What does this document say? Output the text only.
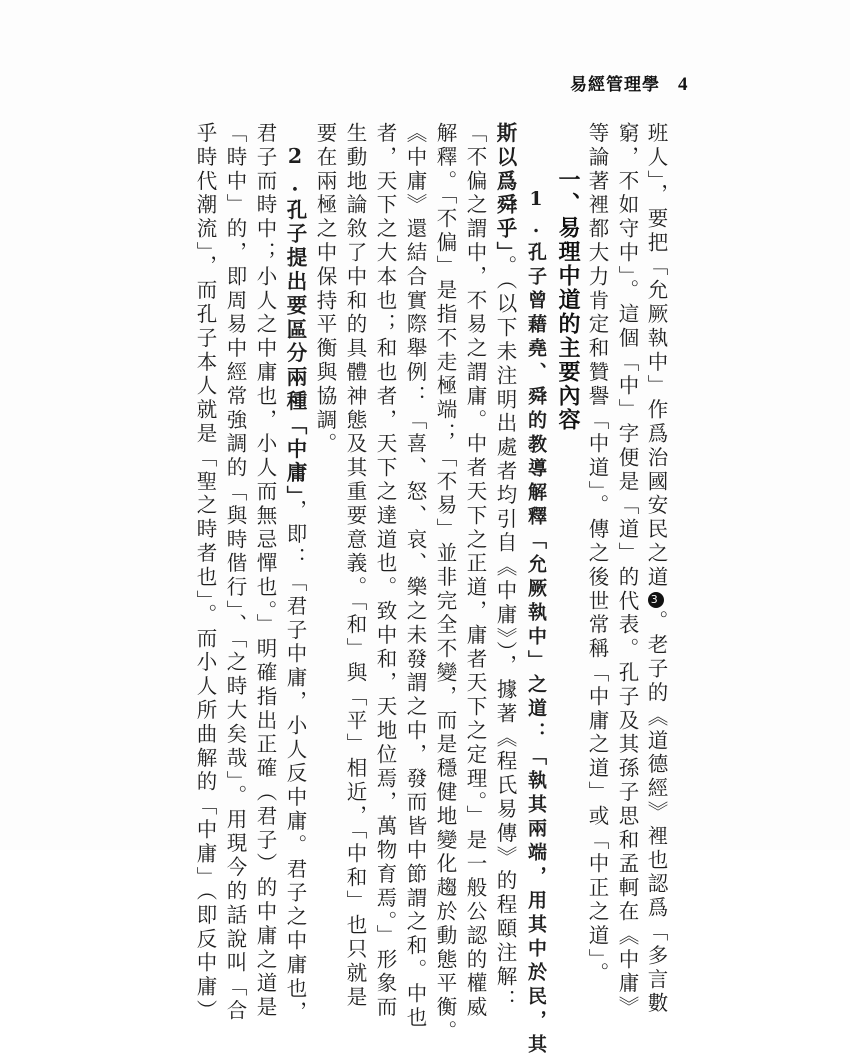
易經管理學 4
班人」，要把「允厥執中」作爲治國安民之道3。老子的《道德經》裡也認爲「多言數
窮，不如守中」。這個「中」字便是「道」的代表。孔子及其孫子思和孟軻在《中庸》
等論著裡都大力肯定和贊譽「中道」。傳之後世常稱「中庸之道」或「中正之道」。
一、易理中道的主要內容
1.孔子曾藉堯、舜的教導解釋「允厥執中」之道：「執其兩端，用其中於民，其
斯以爲舜乎」。（以下未注明出處者均引自《中庸》），據著《程氏易傳》的程頤注解：
「不偏之謂中，不易之謂庸。中者天下之正道，庸者天下之定理。」是一般公認的權威
解釋。「不偏」是指不走極端；「不易」並非完全不變，而是穩健地變化趨於動態平衡。
《中庸》還結合實際舉例：「喜、怒、哀、樂之未發謂之中，發而皆中節謂之和。中也
者，天下之大本也；和也者，天下之達道也。致中和，天地位焉，萬物育焉。」形象而
生動地論敘了中和的具體神態及其重要意義。「和」與「平」相近，「中和」也只就是
要在兩極之中保持平衡與協調。
2.孔子提出要區分兩種「中庸」，即：「君子中庸，小人反中庸。君子之中庸也，
君子而時中；小人之中庸也，小人而無忌憚也。」明確指出正確（君子）的中庸之道是
「時中」的，即周易中經常強調的「與時偕行」、「之時大矣哉」。用現今的話說叫「合
乎時代潮流」，而孔子本人就是「聖之時者也」。而小人所曲解的「中庸」（即反中庸）
